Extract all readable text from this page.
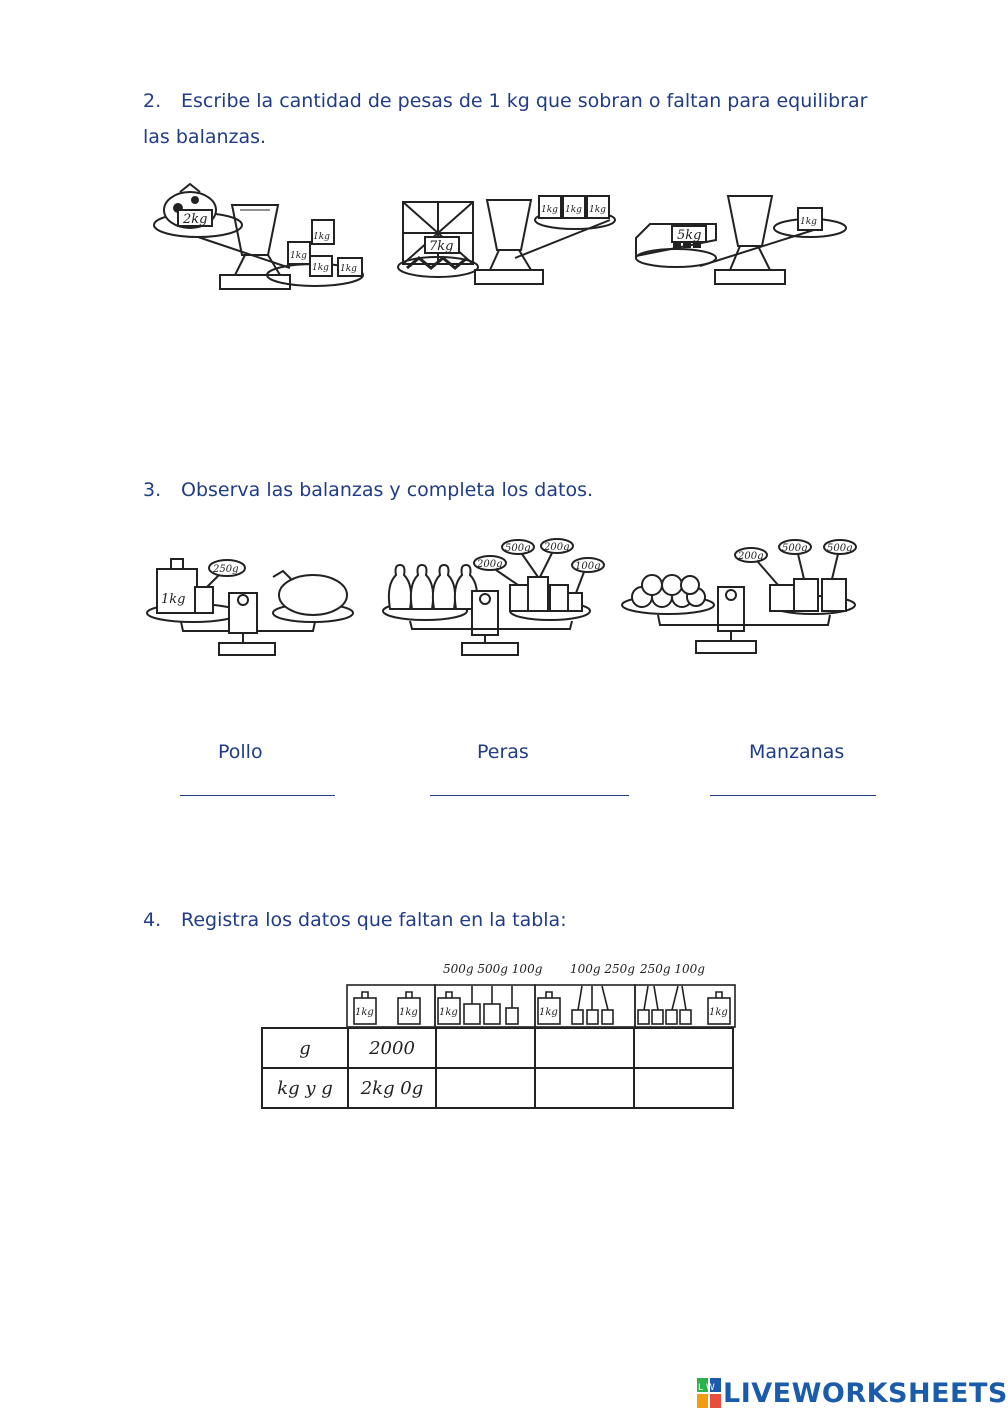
2. Escribe la cantidad de pesas de 1 kg que sobran o faltan para equilibrar
las balanzas.
2kg
1kg
1kg
1kg 1kg
7kg
1kg 1kg 1kg
5kg
1kg
3. Observa las balanzas y completa los datos.
1kg
250g	200g
500g 200g
100g
200g
500g 500g
Pollo	Peras	Manzanas
4. Registra los datos que faltan en la tabla:
500g 500g 100g 100g 250g 250g 100g
1kg	1kg 1kg	1kg	1kg
g	2000			
kg y g	2kg 0g			
L W LIVEWORKSHEETS
